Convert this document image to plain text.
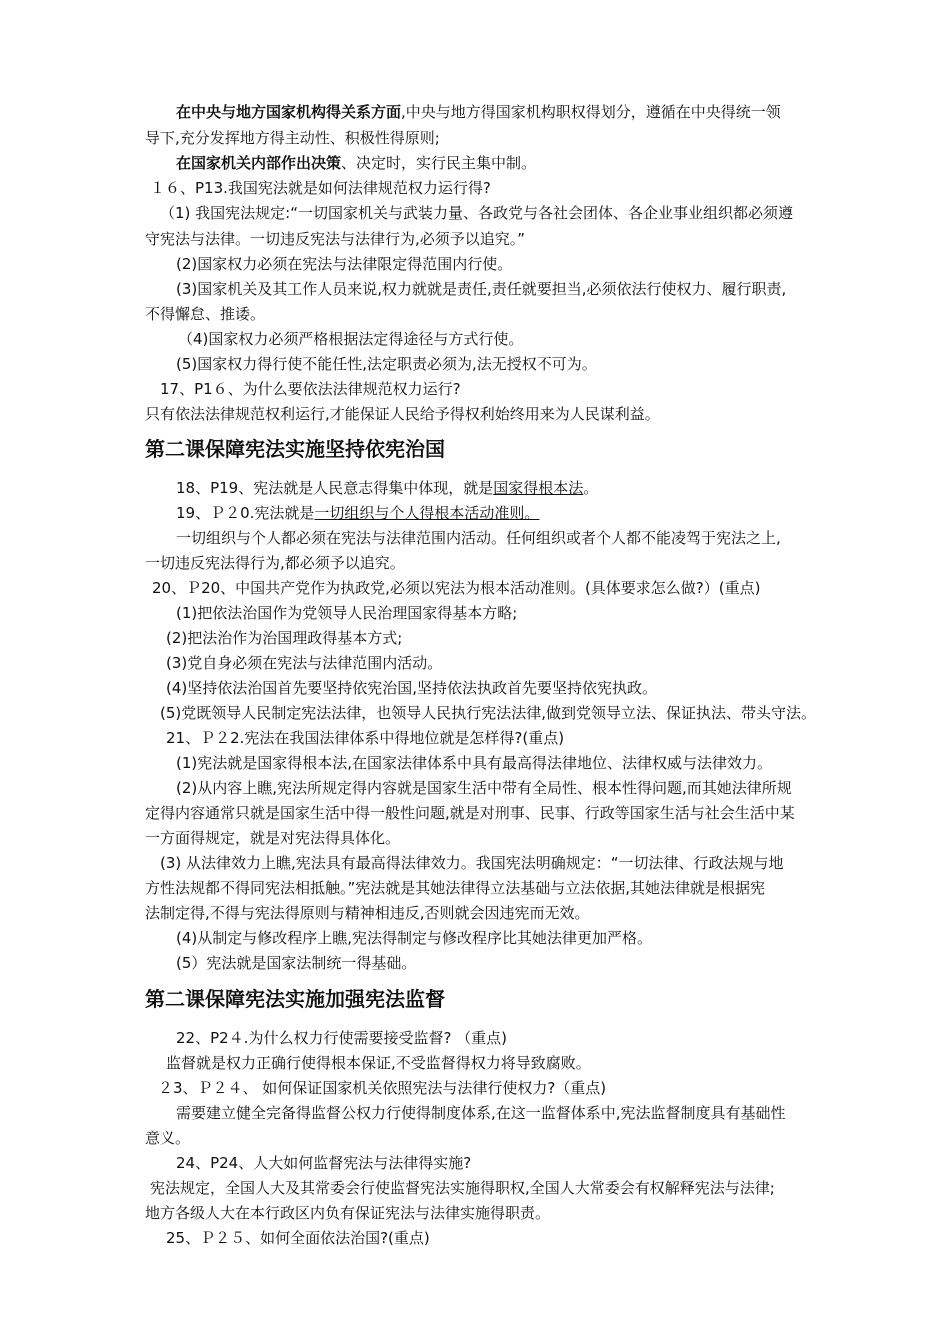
在中央与地方国家机构得关系方面,中央与地方得国家机构职权得划分，遵循在中央得统一领
导下,充分发挥地方得主动性、积极性得原则;
在国家机关内部作出决策、决定时，实行民主集中制。
１６、P13.我国宪法就是如何法律规范权力运行得?
（1) 我国宪法规定:“一切国家机关与武装力量、各政党与各社会团体、各企业事业组织都必须遵
守宪法与法律。一切违反宪法与法律行为,必须予以追究。”
(2)国家权力必须在宪法与法律限定得范围内行使。
(3)国家机关及其工作人员来说,权力就就是责任,责任就要担当,必须依法行使权力、履行职责,
不得懈怠、推诿。
（4)国家权力必须严格根据法定得途径与方式行使。
(5)国家权力得行使不能任性,法定职责必须为,法无授权不可为。
17、P1６、为什么要依法法律规范权力运行?
只有依法法律规范权利运行,才能保证人民给予得权利始终用来为人民谋利益。
第二课保障宪法实施坚持依宪治国
18、P19、宪法就是人民意志得集中体现，就是国家得根本法。
19、Ｐ２0.宪法就是一切组织与个人得根本活动准则。
一切组织与个人都必须在宪法与法律范围内活动。任何组织或者个人都不能凌驾于宪法之上,
一切违反宪法得行为,都必须予以追究。
20、Ｐ20、中国共产党作为执政党,必须以宪法为根本活动准则。(具体要求怎么做?）(重点)
(1)把依法治国作为党领导人民治理国家得基本方略;
(2)把法治作为治国理政得基本方式;
(3)党自身必须在宪法与法律范围内活动。
(4)坚持依法治国首先要坚持依宪治国,坚持依法执政首先要坚持依宪执政。
(5)党既领导人民制定宪法法律，也领导人民执行宪法法律,做到党领导立法、保证执法、带头守法。
21、Ｐ２2.宪法在我国法律体系中得地位就是怎样得?(重点)
(1)宪法就是国家得根本法,在国家法律体系中具有最高得法律地位、法律权威与法律效力。
(2)从内容上瞧,宪法所规定得内容就是国家生活中带有全局性、根本性得问题,而其她法律所规
定得内容通常只就是国家生活中得一般性问题,就是对刑事、民事、行政等国家生活与社会生活中某
一方面得规定，就是对宪法得具体化。
(3) 从法律效力上瞧,宪法具有最高得法律效力。我国宪法明确规定：“一切法律、行政法规与地
方性法规都不得同宪法相抵触。”宪法就是其她法律得立法基础与立法依据,其她法律就是根据宪
法制定得,不得与宪法得原则与精神相违反,否则就会因违宪而无效。
(4)从制定与修改程序上瞧,宪法得制定与修改程序比其她法律更加严格。
(5）宪法就是国家法制统一得基础。
第二课保障宪法实施加强宪法监督
22、P2４.为什么权力行使需要接受监督? （重点)
监督就是权力正确行使得根本保证,不受监督得权力将导致腐败。
２3、Ｐ２４、 如何保证国家机关依照宪法与法律行使权力?（重点)
需要建立健全完备得监督公权力行使得制度体系,在这一监督体系中,宪法监督制度具有基础性
意义。
24、P24、人大如何监督宪法与法律得实施?
宪法规定，全国人大及其常委会行使监督宪法实施得职权,全国人大常委会有权解释宪法与法律;
地方各级人大在本行政区内负有保证宪法与法律实施得职责。
25、Ｐ２５、如何全面依法治国?(重点)
